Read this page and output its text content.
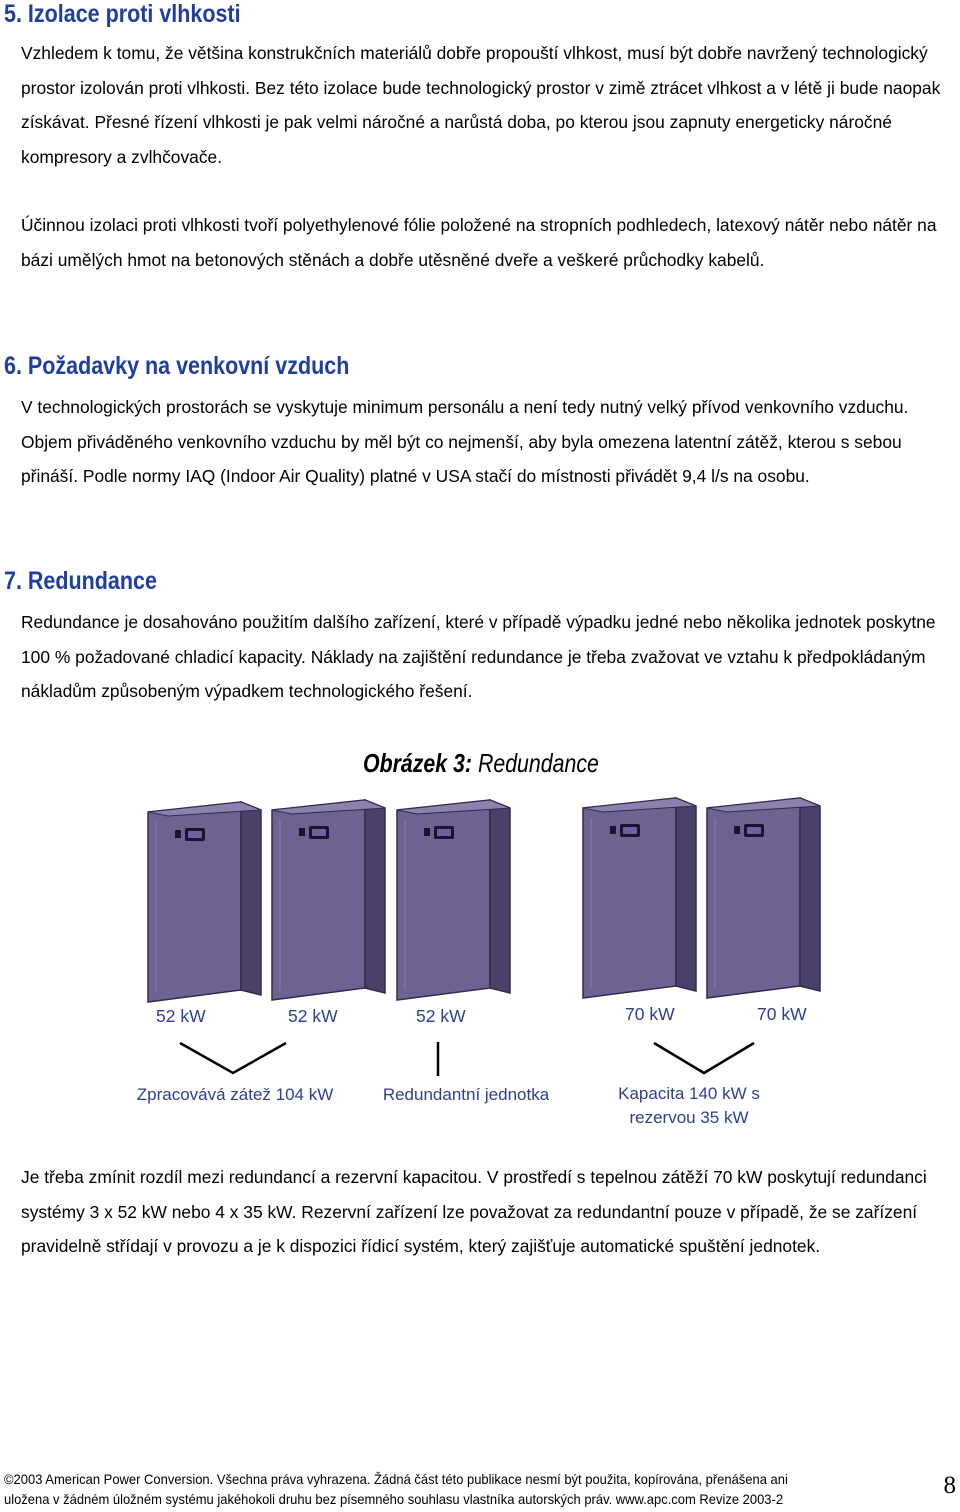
5. Izolace proti vlhkosti

Vzhledem k tomu, že většina konstrukčních materiálů dobře propouští vlhkost, musí být dobře navržený technologický prostor izolován proti vlhkosti. Bez této izolace bude technologický prostor v zimě ztrácet vlhkost a v létě ji bude naopak získávat. Přesné řízení vlhkosti je pak velmi náročné a narůstá doba, po kterou jsou zapnuty energeticky náročné kompresory a zvlhčovače.

Účinnou izolaci proti vlhkosti tvoří polyethylenové fólie položené na stropních podhledech, latexový nátěr nebo nátěr na bázi umělých hmot na betonových stěnách a dobře utěsněné dveře a veškeré průchodky kabelů.

6. Požadavky na venkovní vzduch

V technologických prostorách se vyskytuje minimum personálu a není tedy nutný velký přívod venkovního vzduchu. Objem přiváděného venkovního vzduchu by měl být co nejmenší, aby byla omezena latentní zátěž, kterou s sebou přináší. Podle normy IAQ (Indoor Air Quality) platné v USA stačí do místnosti přivádět 9,4 l/s na osobu.

7. Redundance

Redundance je dosahováno použitím dalšího zařízení, které v případě výpadku jedné nebo několika jednotek poskytne 100 % požadované chladicí kapacity. Náklady na zajištění redundance je třeba zvažovat ve vztahu k předpokládaným nákladům způsobeným výpadkem technologického řešení.

Obrázek 3: Redundance
52 kW	52 kW	52 kW	70 kW	70 kW
Zpracovává zátež 104 kW	Redundantní jednotka	Kapacita 140 kW s
rezervou 35 kW

Je třeba zmínit rozdíl mezi redundancí a rezervní kapacitou. V prostředí s tepelnou zátěží 70 kW poskytují redundanci systémy 3 x 52 kW nebo 4 x 35 kW. Rezervní zařízení lze považovat za redundantní pouze v případě, že se zařízení pravidelně střídají v provozu a je k dispozici řídicí systém, který zajišťuje automatické spuštění jednotek.

©2003 American Power Conversion. Všechna práva vyhrazena. Žádná část této publikace nesmí být použita, kopírována, přenášena ani
uložena v žádném úložném systému jakéhokoli druhu bez písemného souhlasu vlastníka autorských práv. www.apc.com Revize 2003-2
8
